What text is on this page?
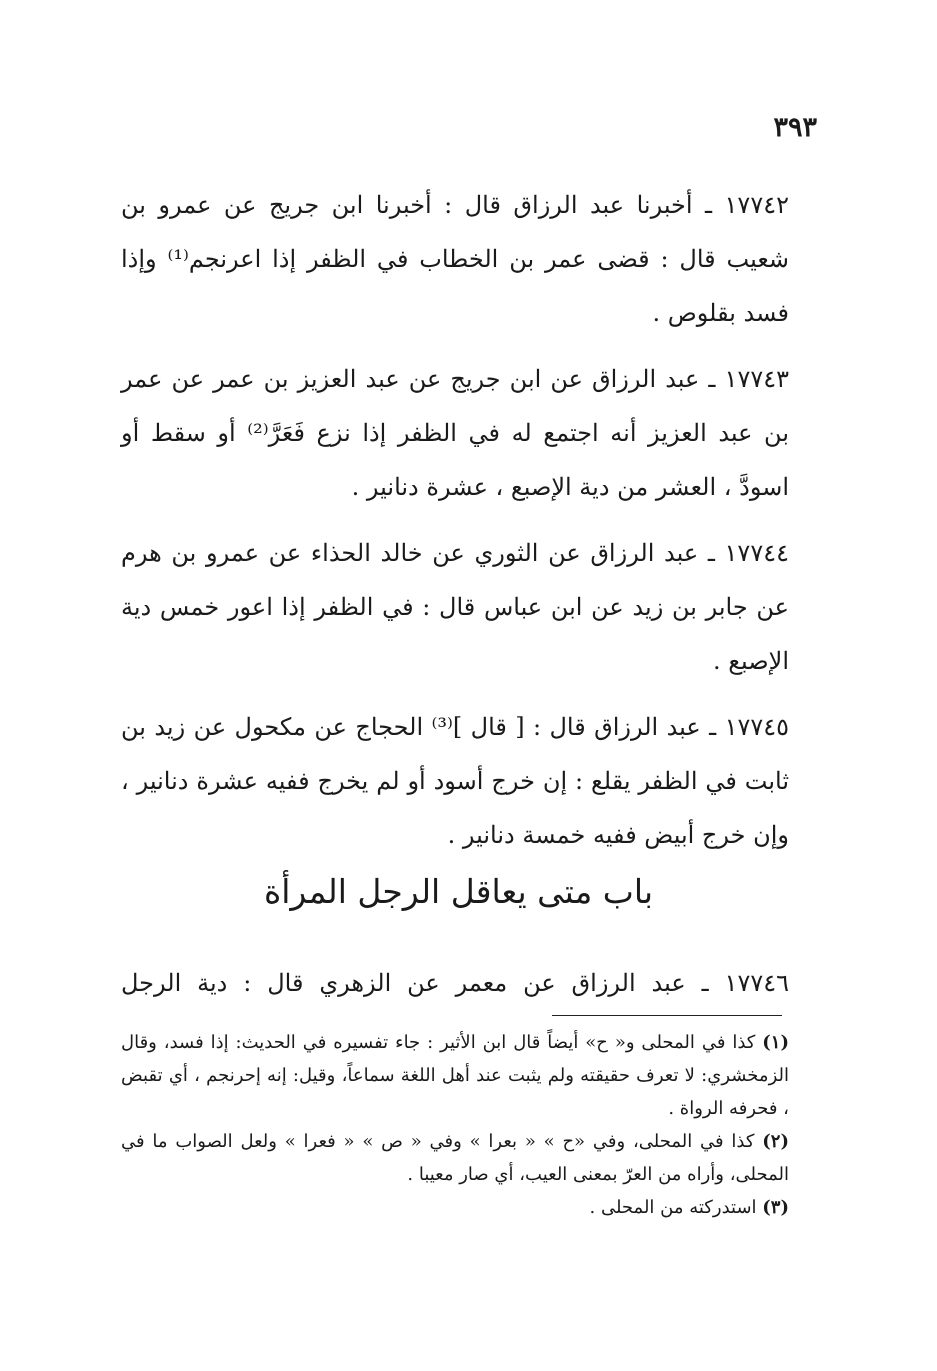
٣٩٣

١٧٧٤٢ ـ أخبرنا عبد الرزاق قال : أخبرنا ابن جريج عن عمرو بن شعيب قال : قضى عمر بن الخطاب في الظفر إذا اعرنجم⁽¹⁾ وإذا فسد بقلوص .

١٧٧٤٣ ـ عبد الرزاق عن ابن جريج عن عبد العزيز بن عمر عن عمر بن عبد العزيز أنه اجتمع له في الظفر إذا نزع فَعَرَّ⁽²⁾ أو سقط أو اسودَّ ، العشر من دية الإصبع ، عشرة دنانير .

١٧٧٤٤ ـ عبد الرزاق عن الثوري عن خالد الحذاء عن عمرو بن هرم عن جابر بن زيد عن ابن عباس قال : في الظفر إذا اعور خمس دية الإصبع .

١٧٧٤٥ ـ عبد الرزاق قال : [ قال ]⁽³⁾ الحجاج عن مكحول عن زيد بن ثابت في الظفر يقلع : إن خرج أسود أو لم يخرج ففيه عشرة دنانير ، وإن خرج أبيض ففيه خمسة دنانير .

باب متى يعاقل الرجل المرأة
١٧٧٤٦ ـ عبد الرزاق عن معمر عن الزهري قال : دية الرجل

(١) كذا في المحلى و« ح» أيضاً قال ابن الأثير : جاء تفسيره في الحديث: إذا فسد، وقال الزمخشري: لا تعرف حقيقته ولم يثبت عند أهل اللغة سماعاً، وقيل: إنه إحرنجم ، أي تقبض ، فحرفه الرواة .

(٢) كذا في المحلى، وفي «ح » « بعرا » وفي « ص » « فعرا » ولعل الصواب ما في المحلى، وأراه من العرّ بمعنى العيب، أي صار معيبا .

(٣) استدركته من المحلى .
